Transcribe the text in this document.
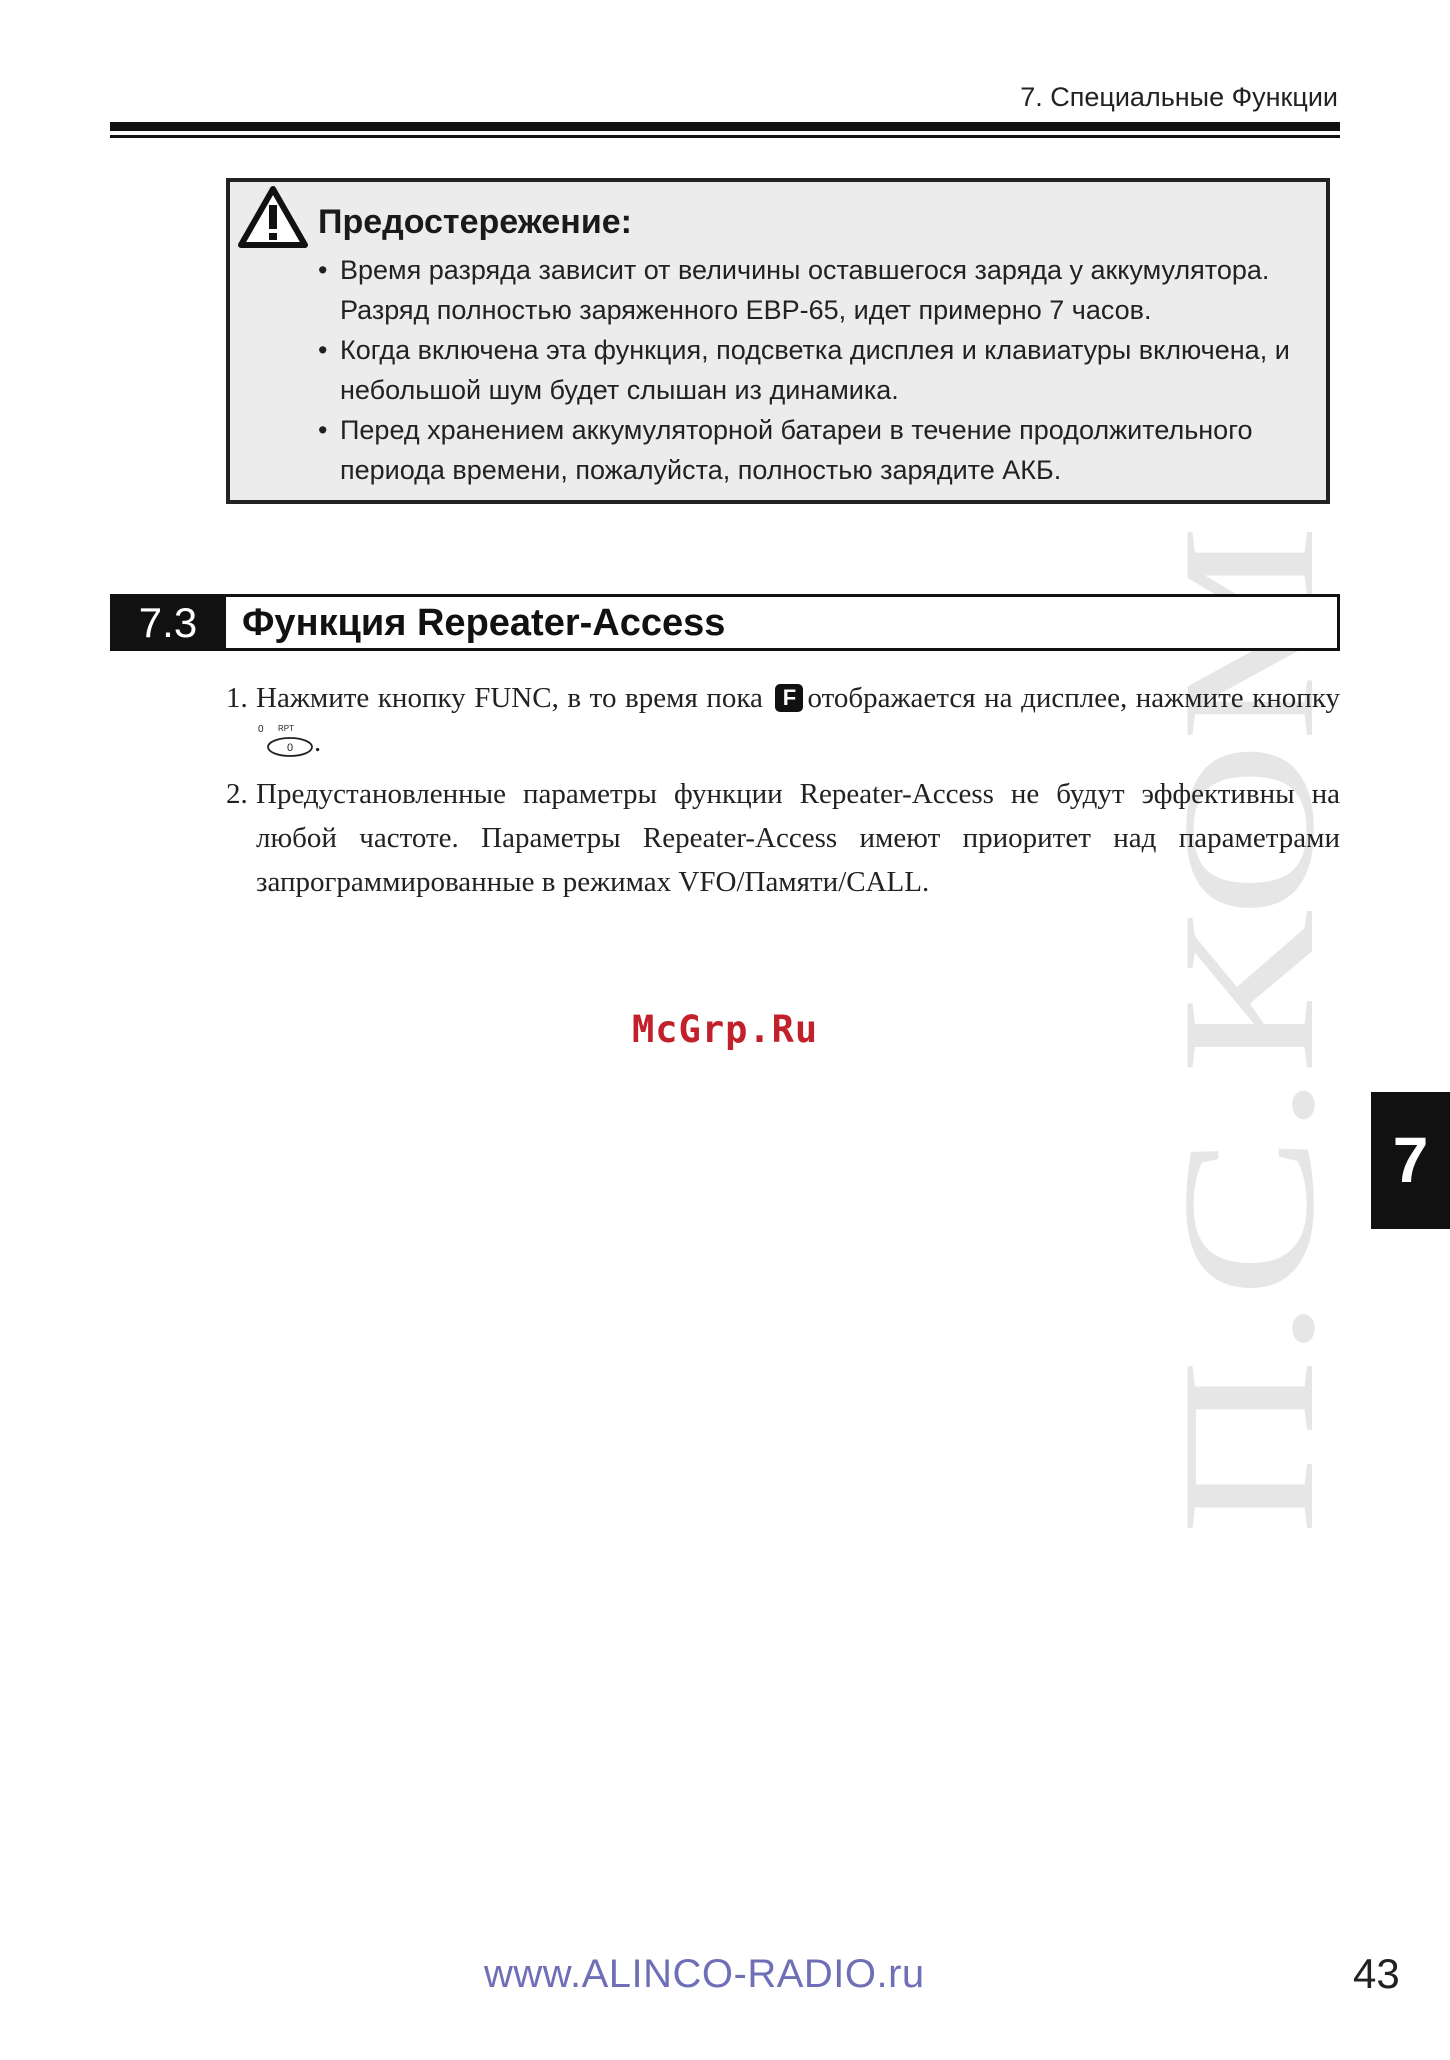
7. Специальные Функции
Предостережение:
• Время разряда зависит от величины оставшегося заряда у аккумулятора. Разряд полностью заряженного EBP-65, идет примерно 7 часов.
• Когда включена эта функция, подсветка дисплея и клавиатуры включена, и небольшой шум будет слышан из динамика.
• Перед хранением аккумуляторной батареи в течение продолжительного периода времени, пожалуйста, полностью зарядите АКБ.
П.С.КОМ
7.3	Функция Repeater-Access
1. Нажмите кнопку FUNC, в то время пока F отображается на дисплее, нажмите кнопку
0 RPT
0 .
2. Предустановленные параметры функции Repeater-Access не будут эффективны на любой частоте. Параметры Repeater-Access имеют приоритет над параметрами запрограммированные в режимах VFO/Памяти/CALL.
McGrp.Ru
7
www.ALINCO-RADIO.ru	43
